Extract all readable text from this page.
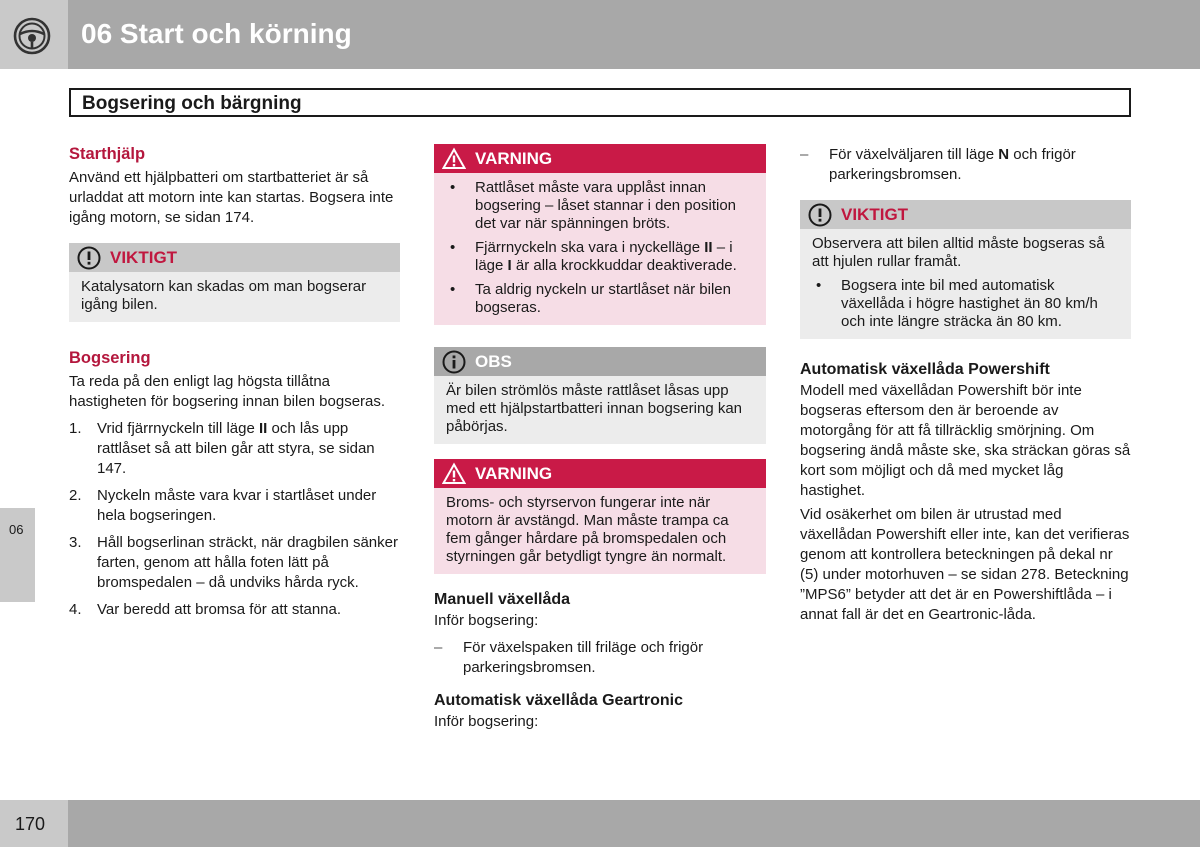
06 Start och körning
Bogsering och bärgning
Starthjälp
Använd ett hjälpbatteri om startbatteriet är så urladdat att motorn inte kan startas. Bogsera inte igång motorn, se sidan 174.
VIKTIGT
Katalysatorn kan skadas om man bogserar igång bilen.
Bogsering
Ta reda på den enligt lag högsta tillåtna hastigheten för bogsering innan bilen bogseras.
1. Vrid fjärrnyckeln till läge II och lås upp rattlåset så att bilen går att styra, se sidan 147.
2. Nyckeln måste vara kvar i startlåset under hela bogseringen.
3. Håll bogserlinan sträckt, när dragbilen sänker farten, genom att hålla foten lätt på bromspedalen – då undviks hårda ryck.
4. Var beredd att bromsa för att stanna.
VARNING
• Rattlåset måste vara upplåst innan bogsering – låset stannar i den position det var när spänningen bröts.
• Fjärrnyckeln ska vara i nyckelläge II – i läge I är alla krockkuddar deaktiverade.
• Ta aldrig nyckeln ur startlåset när bilen bogseras.
OBS
Är bilen strömlös måste rattlåset låsas upp med ett hjälpstartbatteri innan bogsering kan påbörjas.
VARNING
Broms- och styrservon fungerar inte när motorn är avstängd. Man måste trampa ca fem gånger hårdare på bromspedalen och styrningen går betydligt tyngre än normalt.
Manuell växellåda
Inför bogsering:
– För växelspaken till friläge och frigör parkeringsbromsen.
Automatisk växellåda Geartronic
Inför bogsering:
– För växelväljaren till läge N och frigör parkeringsbromsen.
VIKTIGT

Observera att bilen alltid måste bogseras så att hjulen rullar framåt.

• Bogsera inte bil med automatisk växellåda i högre hastighet än 80 km/h och inte längre sträcka än 80 km.
Automatisk växellåda Powershift
Modell med växellådan Powershift bör inte bogseras eftersom den är beroende av motorgång för att få tillräcklig smörjning. Om bogsering ändå måste ske, ska sträckan göras så kort som möjligt och då med mycket låg hastighet.
Vid osäkerhet om bilen är utrustad med växellådan Powershift eller inte, kan det verifieras genom att kontrollera beteckningen på dekal nr (5) under motorhuven – se sidan 278. Beteckning ”MPS6” betyder att det är en Powershiftlåda – i annat fall är det en Geartronic-låda.
06
170
